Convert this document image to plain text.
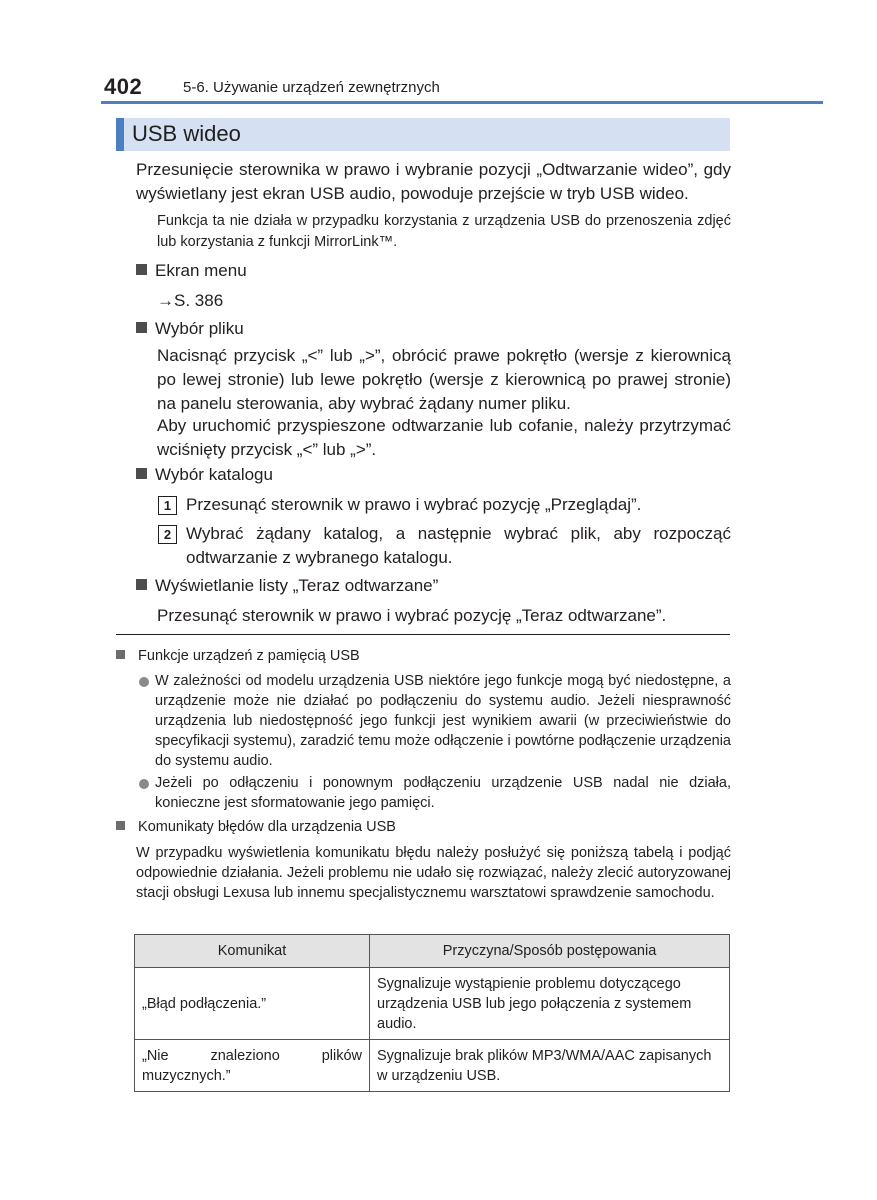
402	5-6. Używanie urządzeń zewnętrznych
USB wideo
Przesunięcie sterownika w prawo i wybranie pozycji „Odtwarzanie wideo”, gdy wyświetlany jest ekran USB audio, powoduje przejście w tryb USB wideo.
Funkcja ta nie działa w przypadku korzystania z urządzenia USB do przenoszenia zdjęć lub korzystania z funkcji MirrorLink™.
Ekran menu
→S. 386
Wybór pliku
Nacisnąć przycisk „<” lub „>”, obrócić prawe pokrętło (wersje z kierownicą po lewej stronie) lub lewe pokrętło (wersje z kierownicą po prawej stronie) na panelu sterowania, aby wybrać żądany numer pliku.
Aby uruchomić przyspieszone odtwarzanie lub cofanie, należy przytrzymać wciśnięty przycisk „<” lub „>”.
Wybór katalogu
1 Przesunąć sterownik w prawo i wybrać pozycję „Przeglądaj”.
2 Wybrać żądany katalog, a następnie wybrać plik, aby rozpocząć odtwarzanie z wybranego katalogu.
Wyświetlanie listy „Teraz odtwarzane”
Przesunąć sterownik w prawo i wybrać pozycję „Teraz odtwarzane”.
Funkcje urządzeń z pamięcią USB
W zależności od modelu urządzenia USB niektóre jego funkcje mogą być niedostępne, a urządzenie może nie działać po podłączeniu do systemu audio. Jeżeli niesprawność urządzenia lub niedostępność jego funkcji jest wynikiem awarii (w przeciwieństwie do specyfikacji systemu), zaradzić temu może odłączenie i powtórne podłączenie urządzenia do systemu audio.
Jeżeli po odłączeniu i ponownym podłączeniu urządzenie USB nadal nie działa, konieczne jest sformatowanie jego pamięci.
Komunikaty błędów dla urządzenia USB
W przypadku wyświetlenia komunikatu błędu należy posłużyć się poniższą tabelą i podjąć odpowiednie działania. Jeżeli problemu nie udało się rozwiązać, należy zlecić autoryzowanej stacji obsługi Lexusa lub innemu specjalistycznemu warsztatowi sprawdzenie samochodu.
Komunikat	Przyczyna/Sposób postępowania
„Błąd podłączenia.”	Sygnalizuje wystąpienie problemu dotyczącego urządzenia USB lub jego połączenia z systemem audio.
„Nie znaleziono plików muzycznych.”	Sygnalizuje brak plików MP3/WMA/AAC zapisanych w urządzeniu USB.
